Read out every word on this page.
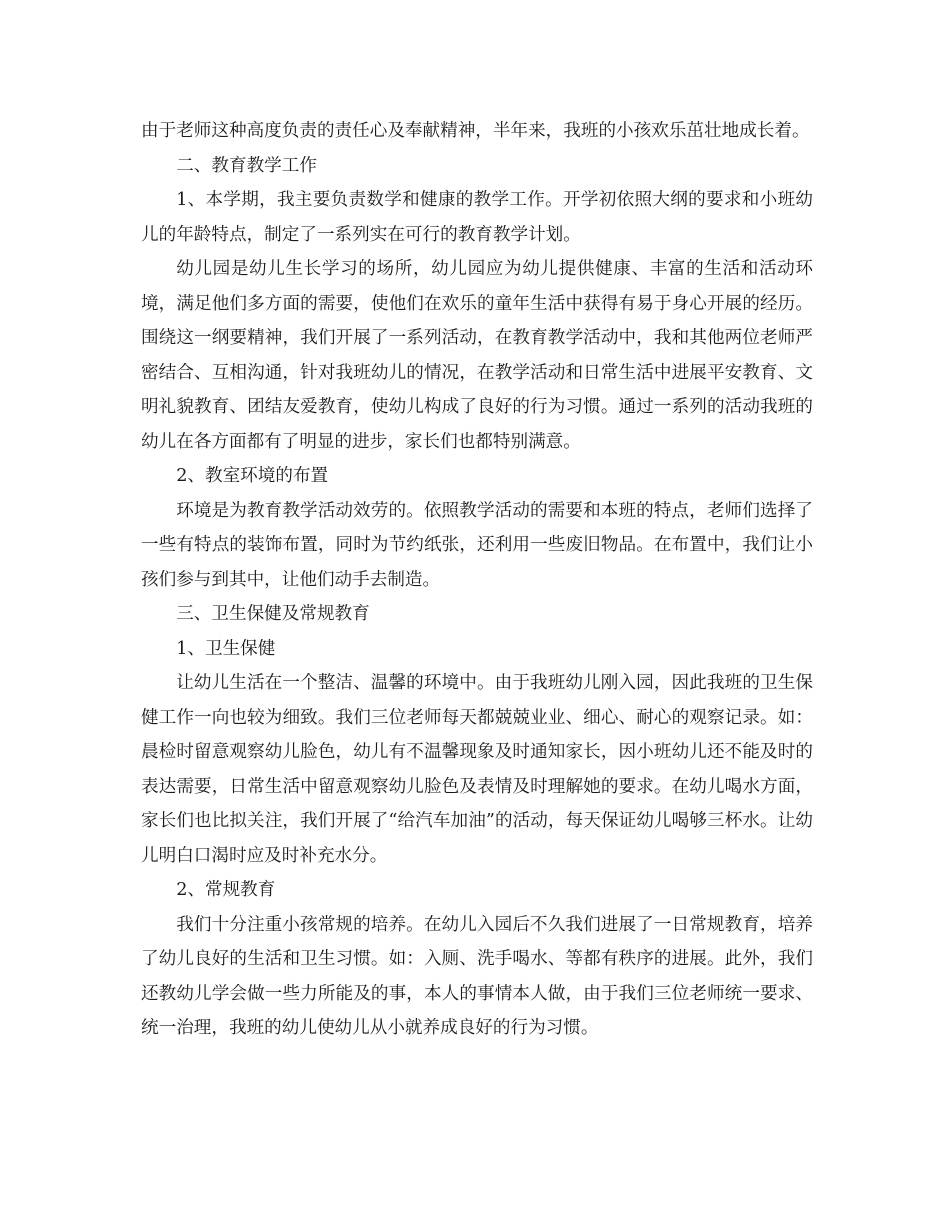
由于老师这种高度负责的责任心及奉献精神，半年来，我班的小孩欢乐茁壮地成长着。

二、教育教学工作

1、本学期，我主要负责数学和健康的教学工作。开学初依照大纲的要求和小班幼儿的年龄特点，制定了一系列实在可行的教育教学计划。

幼儿园是幼儿生长学习的场所，幼儿园应为幼儿提供健康、丰富的生活和活动环境，满足他们多方面的需要，使他们在欢乐的童年生活中获得有易于身心开展的经历。围绕这一纲要精神，我们开展了一系列活动，在教育教学活动中，我和其他两位老师严密结合、互相沟通，针对我班幼儿的情况，在教学活动和日常生活中进展平安教育、文明礼貌教育、团结友爱教育，使幼儿构成了良好的行为习惯。通过一系列的活动我班的幼儿在各方面都有了明显的进步，家长们也都特别满意。

2、教室环境的布置

环境是为教育教学活动效劳的。依照教学活动的需要和本班的特点，老师们选择了一些有特点的装饰布置，同时为节约纸张，还利用一些废旧物品。在布置中，我们让小孩们参与到其中，让他们动手去制造。

三、卫生保健及常规教育

1、卫生保健

让幼儿生活在一个整洁、温馨的环境中。由于我班幼儿刚入园，因此我班的卫生保健工作一向也较为细致。我们三位老师每天都兢兢业业、细心、耐心的观察记录。如：晨检时留意观察幼儿脸色，幼儿有不温馨现象及时通知家长，因小班幼儿还不能及时的表达需要，日常生活中留意观察幼儿脸色及表情及时理解她的要求。在幼儿喝水方面，家长们也比拟关注，我们开展了“给汽车加油”的活动，每天保证幼儿喝够三杯水。让幼儿明白口渴时应及时补充水分。

2、常规教育

我们十分注重小孩常规的培养。在幼儿入园后不久我们进展了一日常规教育，培养了幼儿良好的生活和卫生习惯。如：入厕、洗手喝水、等都有秩序的进展。此外，我们还教幼儿学会做一些力所能及的事，本人的事情本人做，由于我们三位老师统一要求、统一治理，我班的幼儿使幼儿从小就养成良好的行为习惯。
